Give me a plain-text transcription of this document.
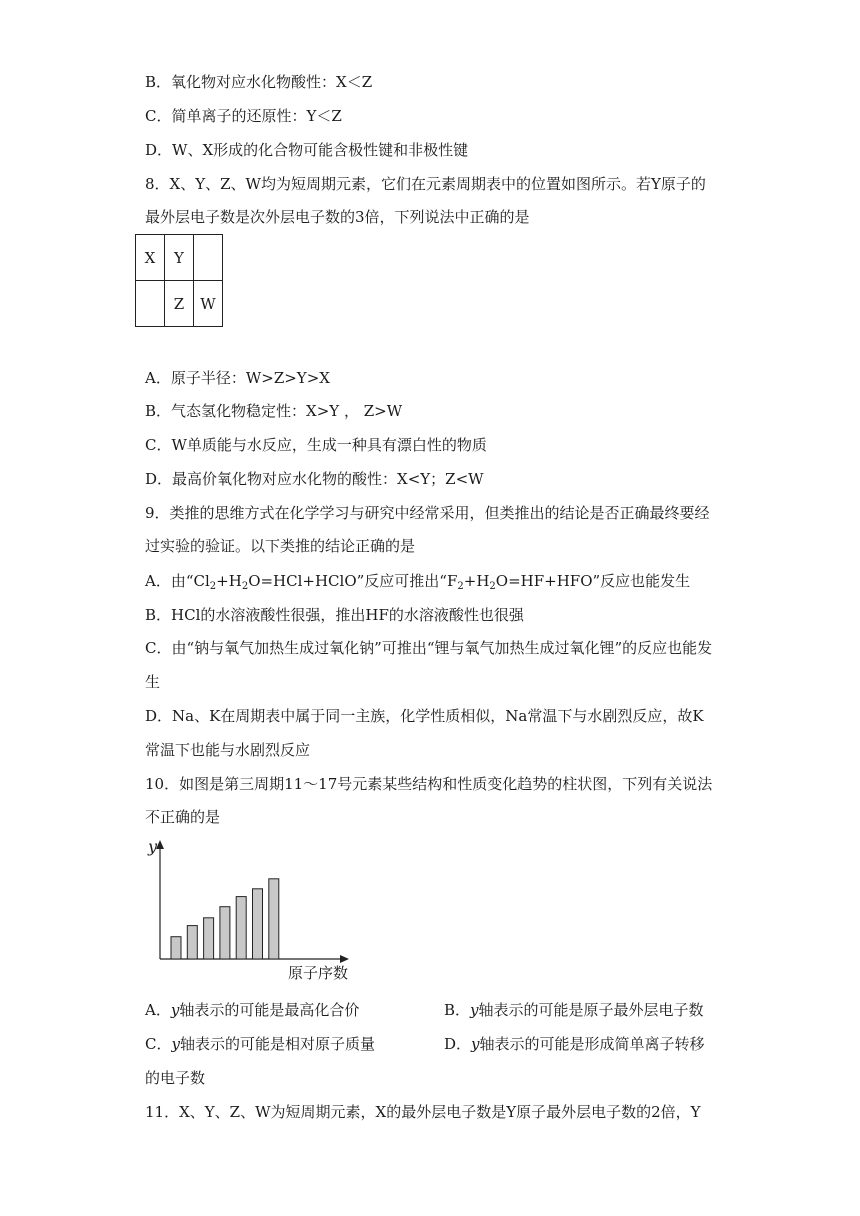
B．氧化物对应水化物酸性：X＜Z
C．简单离子的还原性：Y＜Z
D．W、X形成的化合物可能含极性键和非极性键
8．X、Y、Z、W均为短周期元素，它们在元素周期表中的位置如图所示。若Y原子的
最外层电子数是次外层电子数的3倍，下列说法中正确的是
X	Y	
	Z	W
A．原子半径：W>Z>Y>X
B．气态氢化物稳定性：X>Y ， Z>W
C．W单质能与水反应，生成一种具有漂白性的物质
D．最高价氧化物对应水化物的酸性：X<Y；Z<W
9．类推的思维方式在化学学习与研究中经常采用，但类推出的结论是否正确最终要经
过实验的验证。以下类推的结论正确的是
A．由“$Cl_2+H_2O=HCl+HClO$”反应可推出“$F_2+H_2O=HF+HFO$”反应也能发生
B．HCl的水溶液酸性很强，推出HF的水溶液酸性也很强
C．由“钠与氧气加热生成过氧化钠”可推出“锂与氧气加热生成过氧化锂”的反应也能发
生
D．Na、K在周期表中属于同一主族，化学性质相似，Na常温下与水剧烈反应，故K
常温下也能与水剧烈反应
10．如图是第三周期11～17号元素某些结构和性质变化趋势的柱状图，下列有关说法
不正确的是
y
原子序数
A．y轴表示的可能是最高化合价	B．y轴表示的可能是原子最外层电子数
C．y轴表示的可能是相对原子质量	D．y轴表示的可能是形成简单离子转移
的电子数
11．X、Y、Z、W为短周期元素，X的最外层电子数是Y原子最外层电子数的2倍，Y
